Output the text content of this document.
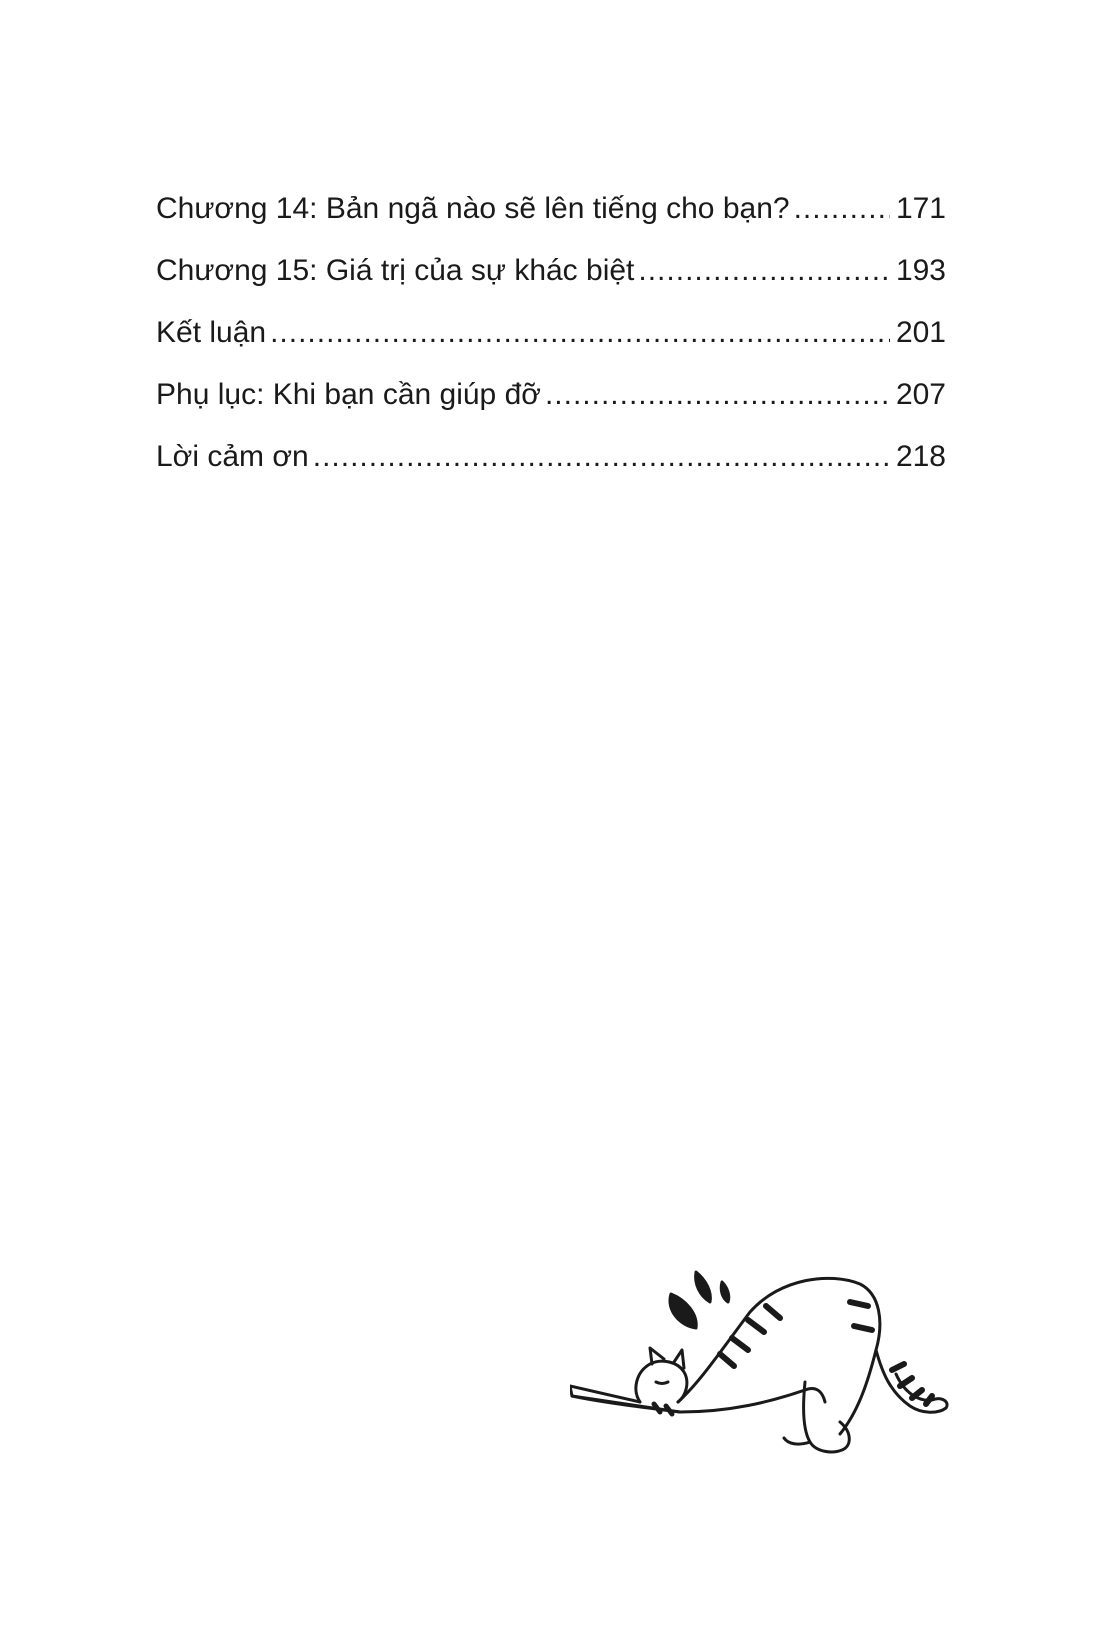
Chương 14: Bản ngã nào sẽ lên tiếng cho bạn? .....	171
Chương 15: Giá trị của sự khác biệt .....	193
Kết luận .....	201
Phụ lục: Khi bạn cần giúp đỡ .....	207
Lời cảm ơn .....	218
